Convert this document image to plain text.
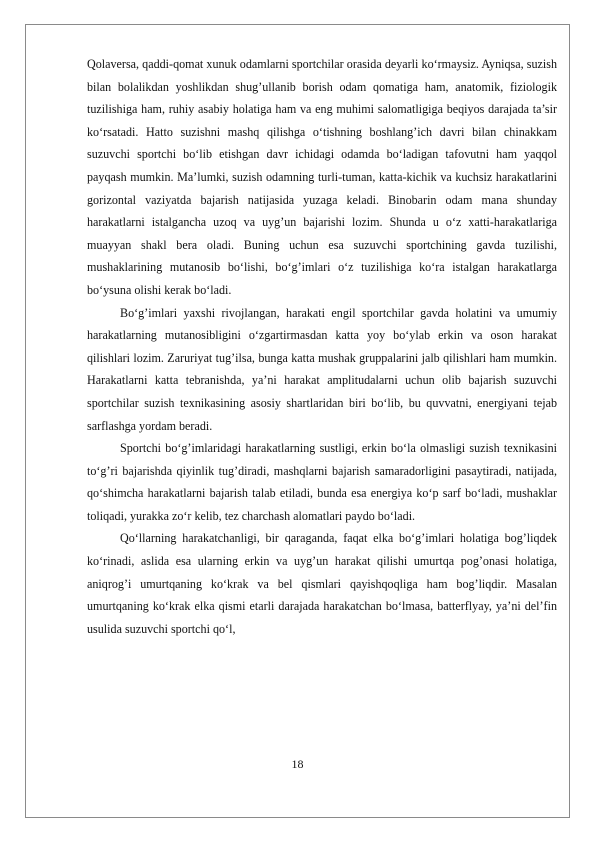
Qolaversa, qaddi-qomat xunuk odamlarni sportchilar orasida deyarli ko‘rmaysiz. Ayniqsa, suzish bilan bolalikdan yoshlikdan shug’ullanib borish odam qomatiga ham, anatomik, fiziologik tuzilishiga ham, ruhiy asabiy holatiga ham va eng muhimi salomatligiga beqiyos darajada ta’sir ko‘rsatadi. Hatto suzishni mashq qilishga o‘tishning boshlang’ich davri bilan chinakkam suzuvchi sportchi bo‘lib etishgan davr ichidagi odamda bo‘ladigan tafovutni ham yaqqol payqash mumkin. Ma’lumki, suzish odamning turli-tuman, katta-kichik va kuchsiz harakatlarini gorizontal vaziyatda bajarish natijasida yuzaga keladi. Binobarin odam mana shunday harakatlarni istalgancha uzoq va uyg’un bajarishi lozim. Shunda u o‘z xatti-harakatlariga muayyan shakl bera oladi. Buning uchun esa suzuvchi sportchining gavda tuzilishi, mushaklarining mutanosib bo‘lishi, bo‘g’imlari o‘z tuzilishiga ko‘ra istalgan harakatlarga bo‘ysuna olishi kerak bo‘ladi.

Bo‘g’imlari yaxshi rivojlangan, harakati engil sportchilar gavda holatini va umumiy harakatlarning mutanosibligini o‘zgartirmasdan katta yoy bo‘ylab erkin va oson harakat qilishlari lozim. Zaruriyat tug’ilsa, bunga katta mushak gruppalarini jalb qilishlari ham mumkin. Harakatlarni katta tebranishda, ya’ni harakat amplitudalarni uchun olib bajarish suzuvchi sportchilar suzish texnikasining asosiy shartlaridan biri bo‘lib, bu quvvatni, energiyani tejab sarflashga yordam beradi.

Sportchi bo‘g’imlaridagi harakatlarning sustligi, erkin bo‘la olmasligi suzish texnikasini to‘g’ri bajarishda qiyinlik tug’diradi, mashqlarni bajarish samaradorligini pasaytiradi, natijada, qo‘shimcha harakatlarni bajarish talab etiladi, bunda esa energiya ko‘p sarf bo‘ladi, mushaklar toliqadi, yurakka zo‘r kelib, tez charchash alomatlari paydo bo‘ladi.

Qo‘llarning harakatchanligi, bir qaraganda, faqat elka bo‘g’imlari holatiga bog’liqdek ko‘rinadi, aslida esa ularning erkin va uyg’un harakat qilishi umurtqa pog’onasi holatiga, aniqrog’i umurtqaning ko‘krak va bel qismlari qayishqoqliga ham bog’liqdir. Masalan umurtqaning ko‘krak elka qismi etarli darajada harakatchan bo‘lmasa, batterflyay, ya’ni del’fin usulida suzuvchi sportchi qo‘l,

18
